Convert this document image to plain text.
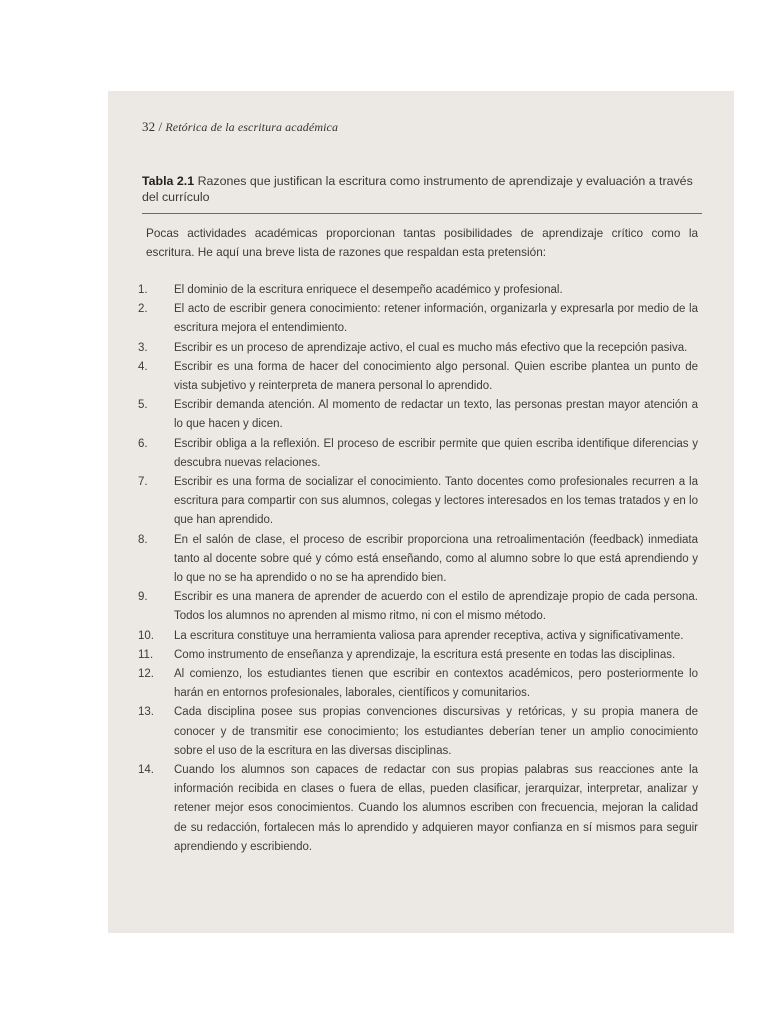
32 / Retórica de la escritura académica
Tabla 2.1 Razones que justifican la escritura como instrumento de aprendizaje y evaluación a través del currículo

Pocas actividades académicas proporcionan tantas posibilidades de aprendizaje crítico como la escritura. He aquí una breve lista de razones que respaldan esta pretensión:

1.	El dominio de la escritura enriquece el desempeño académico y profesional.
2.	El acto de escribir genera conocimiento: retener información, organizarla y expresarla por medio de la escritura mejora el entendimiento.
3.	Escribir es un proceso de aprendizaje activo, el cual es mucho más efectivo que la recepción pasiva.
4.	Escribir es una forma de hacer del conocimiento algo personal. Quien escribe plantea un punto de vista subjetivo y reinterpreta de manera personal lo aprendido.
5.	Escribir demanda atención. Al momento de redactar un texto, las personas prestan mayor atención a lo que hacen y dicen.
6.	Escribir obliga a la reflexión. El proceso de escribir permite que quien escriba identifique diferencias y descubra nuevas relaciones.
7.	Escribir es una forma de socializar el conocimiento. Tanto docentes como profesionales recurren a la escritura para compartir con sus alumnos, colegas y lectores interesados en los temas tratados y en lo que han aprendido.
8.	En el salón de clase, el proceso de escribir proporciona una retroalimentación (feedback) inmediata tanto al docente sobre qué y cómo está enseñando, como al alumno sobre lo que está aprendiendo y lo que no se ha aprendido o no se ha aprendido bien.
9.	Escribir es una manera de aprender de acuerdo con el estilo de aprendizaje propio de cada persona. Todos los alumnos no aprenden al mismo ritmo, ni con el mismo método.
10.	La escritura constituye una herramienta valiosa para aprender receptiva, activa y significativamente.
11.	Como instrumento de enseñanza y aprendizaje, la escritura está presente en todas las disciplinas.
12.	Al comienzo, los estudiantes tienen que escribir en contextos académicos, pero posteriormente lo harán en entornos profesionales, laborales, científicos y comunitarios.
13.	Cada disciplina posee sus propias convenciones discursivas y retóricas, y su propia manera de conocer y de transmitir ese conocimiento; los estudiantes deberían tener un amplio conocimiento sobre el uso de la escritura en las diversas disciplinas.
14.	Cuando los alumnos son capaces de redactar con sus propias palabras sus reacciones ante la información recibida en clases o fuera de ellas, pueden clasificar, jerarquizar, interpretar, analizar y retener mejor esos conocimientos. Cuando los alumnos escriben con frecuencia, mejoran la calidad de su redacción, fortalecen más lo aprendido y adquieren mayor confianza en sí mismos para seguir aprendiendo y escribiendo.
